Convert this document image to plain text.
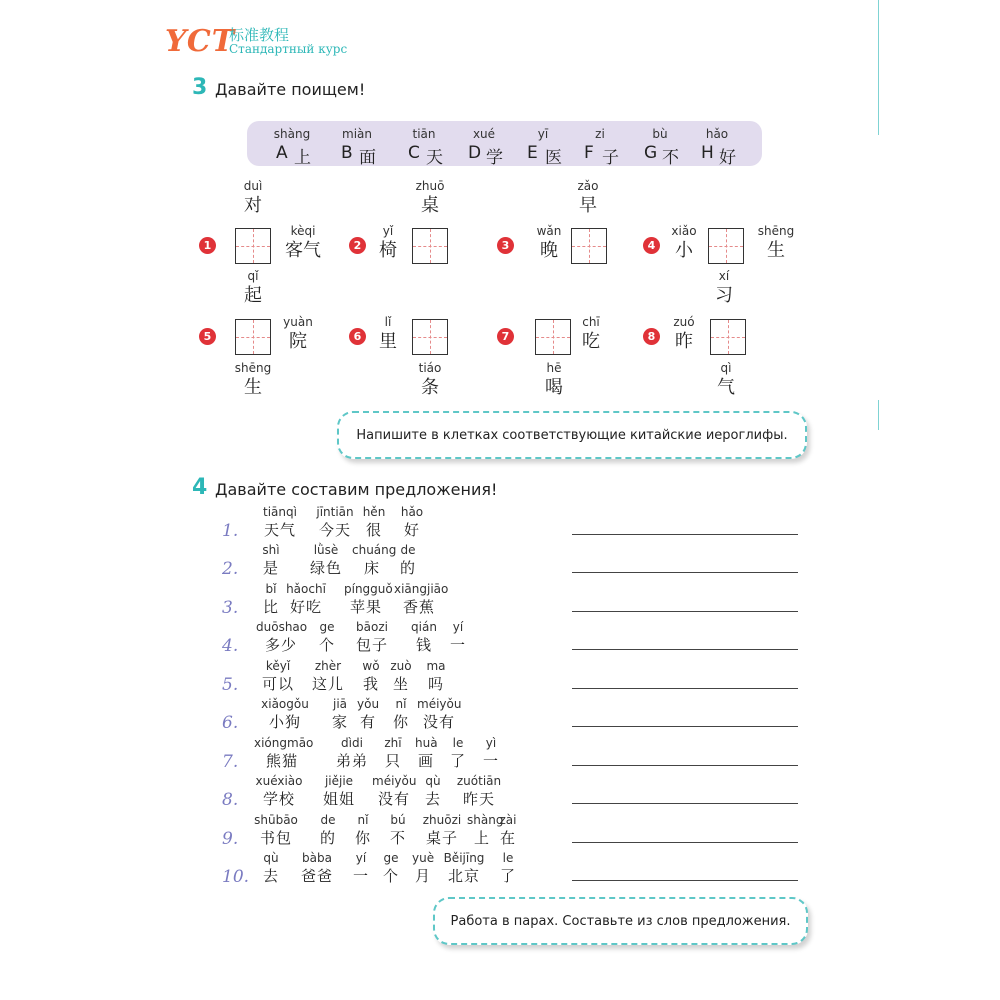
YCT
标准教程
Стандартный курс
3 Давайте поищем!
shàng
A 上
miàn
B 面
tiān
C 天
xué
D 学
yī
E 医
zi
F 子
bù
G 不
hǎo
H 好
1
duì
对
kèqi
客气
qǐ
起
2
yǐ
椅
zhuō
桌
3
wǎn
晚
zǎo
早
4
xiǎo
小
shēng
生
xí
习
5
yuàn
院
shēng
生
6
lǐ
里
tiáo
条
7
chī
吃
hē
喝
8
zuó
昨
qì
气
Напишите в клетках соответствующие китайские иероглифы.
4 Давайте составим предложения!
1.
tiānqì
天气
jīntiān
今天
hěn
很
hǎo
好
2.
shì
是
lǜsè
绿色
chuáng
床
de
的
3.
bǐ
比
hǎochī
好吃
píngguǒ
苹果
xiāngjiāo
香蕉
4.
duōshao
多少
ge
个
bāozi
包子
qián
钱
yí
一
5.
kěyǐ
可以
zhèr
这儿
wǒ
我
zuò
坐
ma
吗
6.
xiǎogǒu
小狗
jiā
家
yǒu
有
nǐ
你
méiyǒu
没有
7.
xióngmāo
熊猫
dìdi
弟弟
zhī
只
huà
画
le
了
yì
一
8.
xuéxiào
学校
jiějie
姐姐
méiyǒu
没有
qù
去
zuótiān
昨天
9.
shūbāo
书包
de
的
nǐ
你
bú
不
zhuōzi
桌子
shàng
上
zài
在
10.
qù
去
bàba
爸爸
yí
一
ge
个
yuè
月
Běijīng
北京
le
了
Работа в парах. Составьте из слов предложения.
